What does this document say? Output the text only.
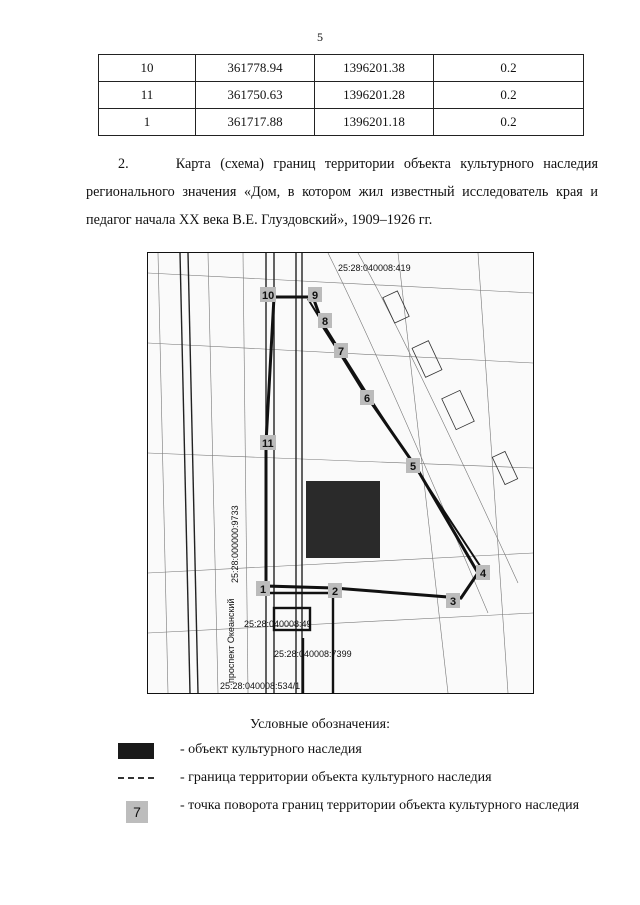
5
10	361778.94	1396201.38	0.2
11	361750.63	1396201.28	0.2
1	361717.88	1396201.18	0.2
2.	Карта (схема) границ территории объекта культурного наследия регионального значения «Дом, в котором жил известный исследователь края и педагог начала XX века В.Е. Глуздовский», 1909–1926 гг.
25:28:040008:419
25:28:000000:9733
25:28:040008:49
25:28:040008:7399
25:28:040008:534/1
проспект Океанский
10	9
8
7
6
5
11
4
3
2
1
Условные обозначения:
- объект культурного наследия
- граница территории объекта культурного наследия
7	- точка поворота границ территории объекта культурного наследия
